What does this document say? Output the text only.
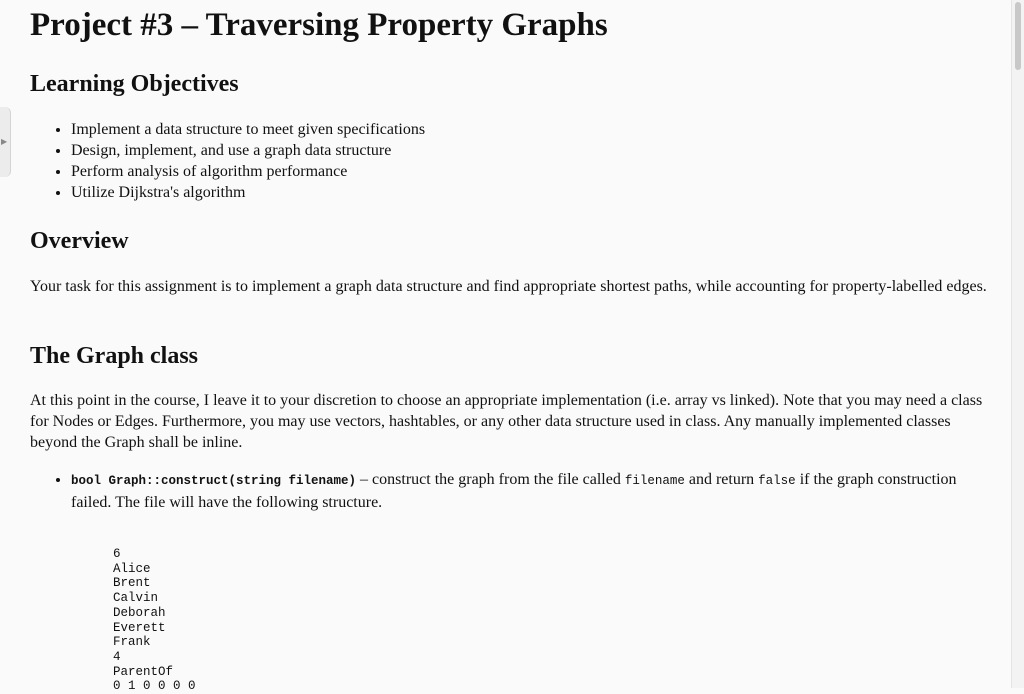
▶
Project #3 – Traversing Property Graphs
Learning Objectives
• Implement a data structure to meet given specifications
• Design, implement, and use a graph data structure
• Perform analysis of algorithm performance
• Utilize Dijkstra's algorithm
Overview

Your task for this assignment is to implement a graph data structure and find appropriate shortest paths, while accounting for property-labelled edges.

The Graph class

At this point in the course, I leave it to your discretion to choose an appropriate implementation (i.e. array vs linked). Note that you may need a class for Nodes or Edges. Furthermore, you may use vectors, hashtables, or any other data structure used in class. Any manually implemented classes beyond the Graph shall be inline.

• bool Graph::construct(string filename) – construct the graph from the file called filename and return false if the graph construction failed. The file will have the following structure.
6
Alice
Brent
Calvin
Deborah
Everett
Frank
4
ParentOf
0 1 0 0 0 0
